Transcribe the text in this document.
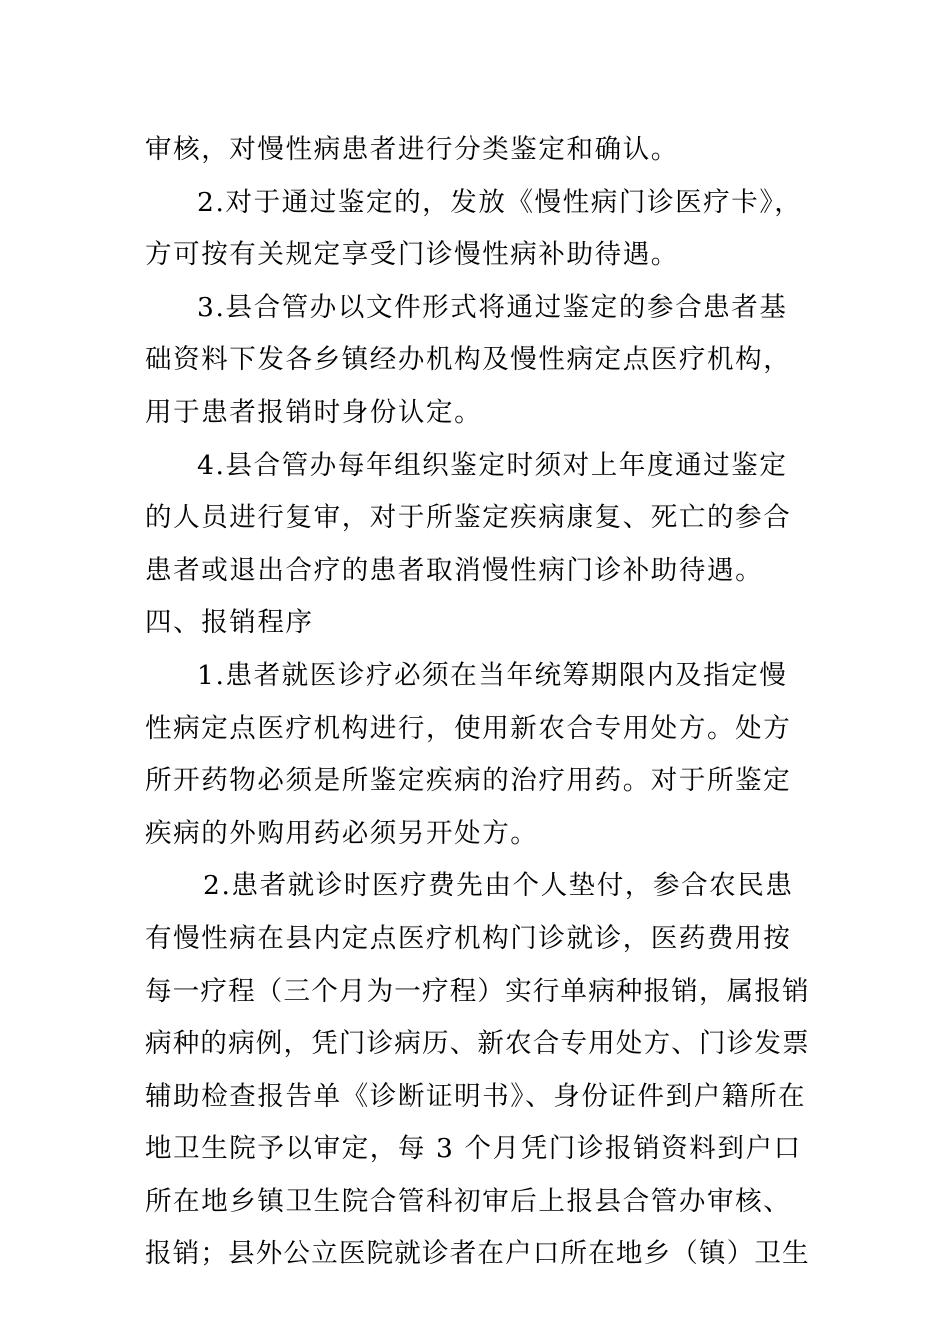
审核，对慢性病患者进行分类鉴定和确认。
2.对于通过鉴定的，发放《慢性病门诊医疗卡》，
方可按有关规定享受门诊慢性病补助待遇。
3.县合管办以文件形式将通过鉴定的参合患者基
础资料下发各乡镇经办机构及慢性病定点医疗机构，
用于患者报销时身份认定。
4.县合管办每年组织鉴定时须对上年度通过鉴定
的人员进行复审，对于所鉴定疾病康复、死亡的参合
患者或退出合疗的患者取消慢性病门诊补助待遇。
四、报销程序
1.患者就医诊疗必须在当年统筹期限内及指定慢
性病定点医疗机构进行，使用新农合专用处方。处方
所开药物必须是所鉴定疾病的治疗用药。对于所鉴定
疾病的外购用药必须另开处方。
2.患者就诊时医疗费先由个人垫付，参合农民患
有慢性病在县内定点医疗机构门诊就诊，医药费用按
每一疗程（三个月为一疗程）实行单病种报销，属报销
病种的病例，凭门诊病历、新农合专用处方、门诊发票
辅助检查报告单《诊断证明书》、身份证件到户籍所在
地卫生院予以审定，每 3 个月凭门诊报销资料到户口
所在地乡镇卫生院合管科初审后上报县合管办审核、
报销；县外公立医院就诊者在户口所在地乡（镇）卫生
